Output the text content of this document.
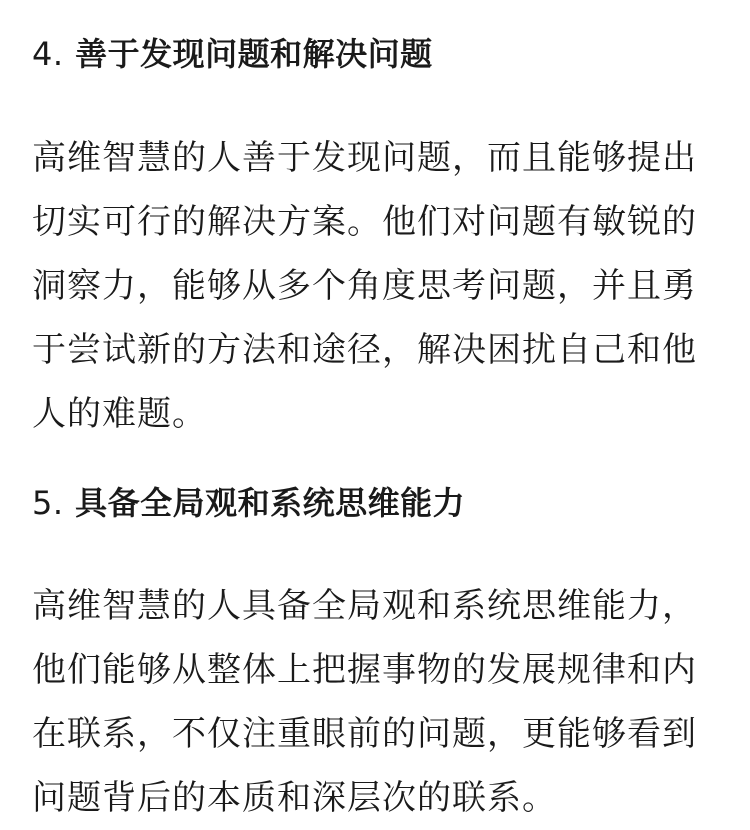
4. 善于发现问题和解决问题

高维智慧的人善于发现问题，而且能够提出
切实可行的解决方案。他们对问题有敏锐的
洞察力，能够从多个角度思考问题，并且勇
于尝试新的方法和途径，解决困扰自己和他
人的难题。

5. 具备全局观和系统思维能力

高维智慧的人具备全局观和系统思维能力，
他们能够从整体上把握事物的发展规律和内
在联系，不仅注重眼前的问题，更能够看到
问题背后的本质和深层次的联系。
